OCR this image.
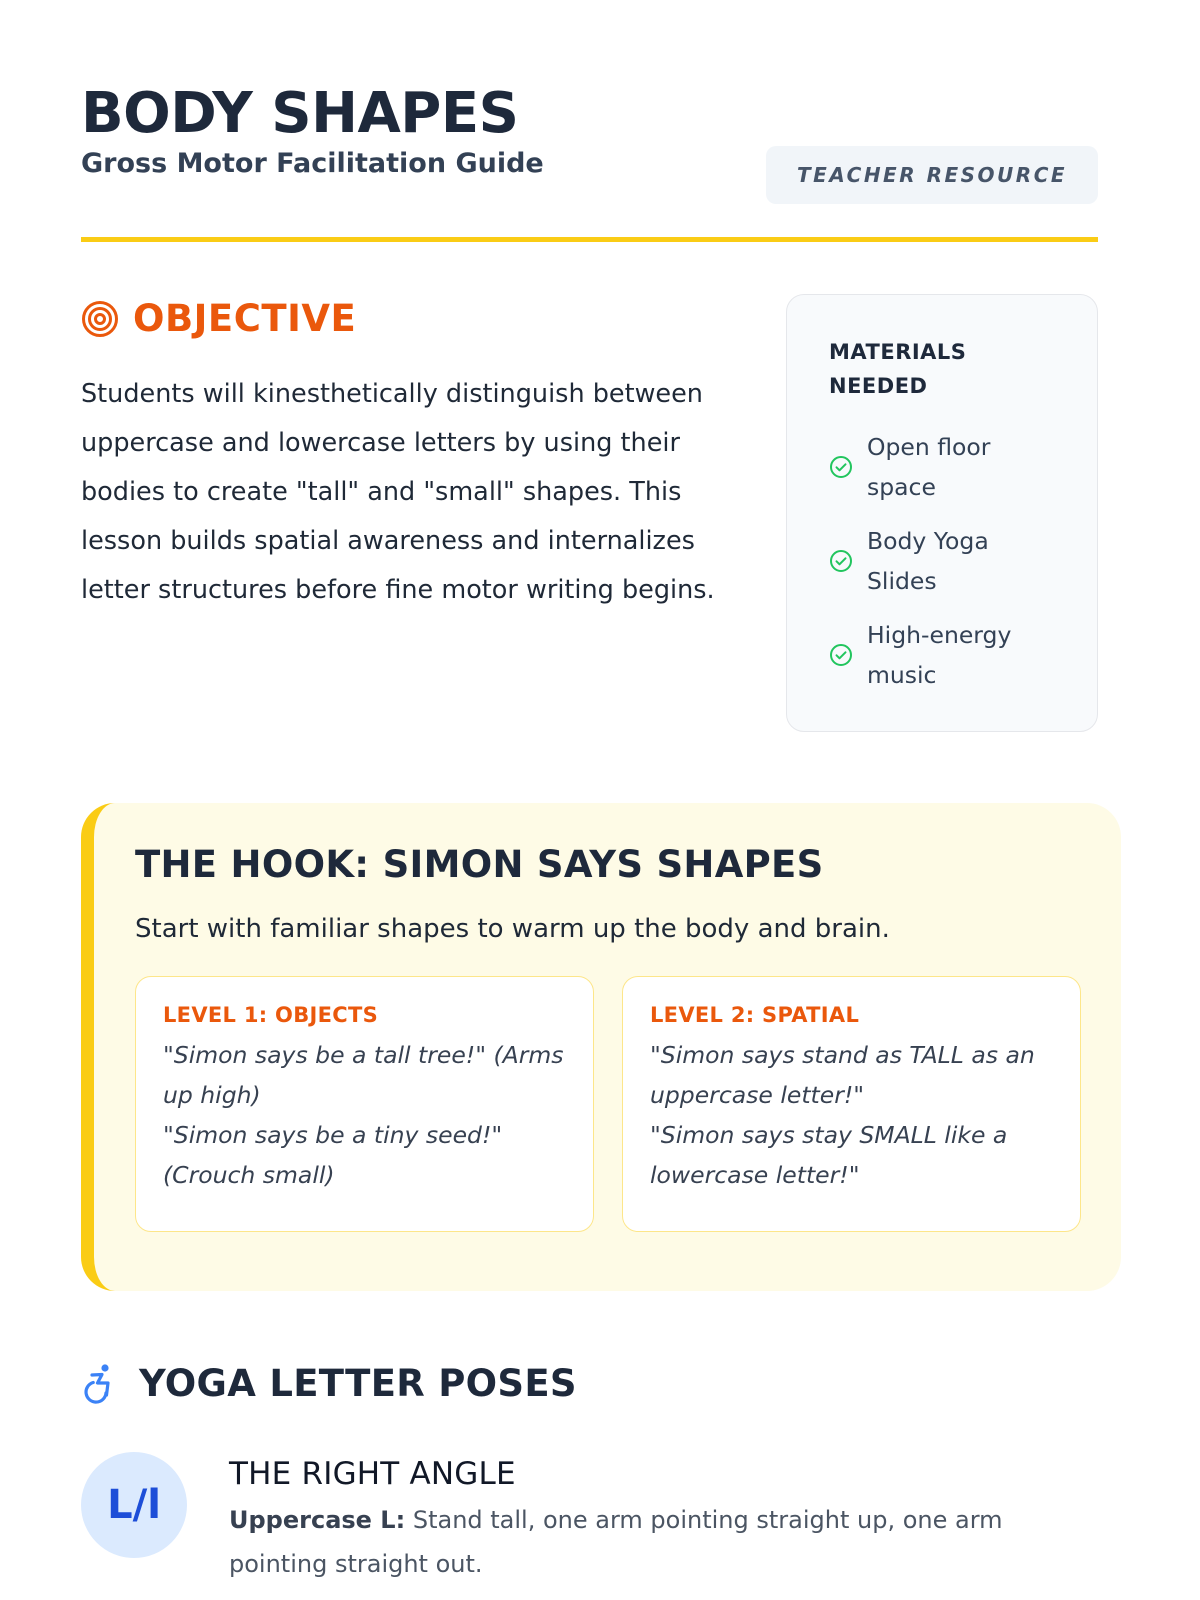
BODY SHAPES
Gross Motor Facilitation Guide	TEACHER RESOURCE
OBJECTIVE

Students will kinesthetically distinguish between uppercase and lowercase letters by using their bodies to create "tall" and "small" shapes. This lesson builds spatial awareness and internalizes letter structures before fine motor writing begins.

MATERIALS NEEDED
Open floor space
Body Yoga Slides
High-energy music
THE HOOK: SIMON SAYS SHAPES

Start with familiar shapes to warm up the body and brain.

LEVEL 1: OBJECTS

"Simon says be a tall tree!" (Arms up high)

"Simon says be a tiny seed!" (Crouch small)

LEVEL 2: SPATIAL

"Simon says stand as TALL as an uppercase letter!"

"Simon says stay SMALL like a lowercase letter!"

YOGA LETTER POSES
L/l
THE RIGHT ANGLE

Uppercase L: Stand tall, one arm pointing straight up, one arm pointing straight out.
